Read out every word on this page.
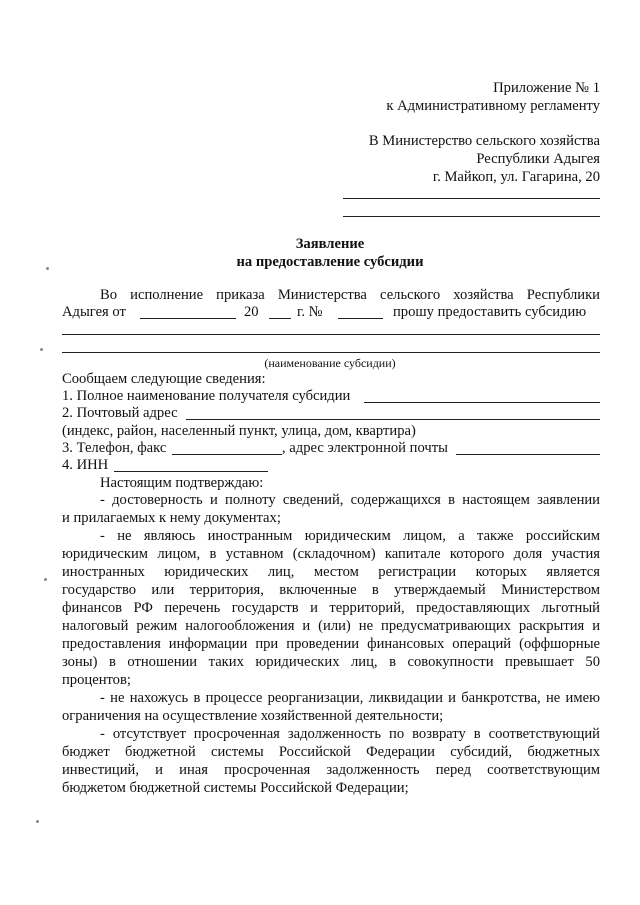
Приложение № 1
к Административному регламенту
В Министерство сельского хозяйства
Республики Адыгея
г. Майкоп, ул. Гагарина, 20
Заявление
на предоставление субсидии
Во исполнение приказа Министерства сельского хозяйства Республики
Адыгея от	20	г. №	прошу предоставить субсидию
(наименование субсидии)
Сообщаем следующие сведения:
1. Полное наименование получателя субсидии
2. Почтовый адрес
(индекс, район, населенный пункт, улица, дом, квартира)
3. Телефон, факс	, адрес электронной почты
4. ИНН
Настоящим подтверждаю:
- достоверность и полноту сведений, содержащихся в настоящем заявлении
и прилагаемых к нему документах;
- не являюсь иностранным юридическим лицом, а также российским
юридическим лицом, в уставном (складочном) капитале которого доля участия
иностранных юридических лиц, местом регистрации которых является
государство или территория, включенные в утверждаемый Министерством
финансов РФ перечень государств и территорий, предоставляющих льготный
налоговый режим налогообложения и (или) не предусматривающих раскрытия и
предоставления информации при проведении финансовых операций (оффшорные
зоны) в отношении таких юридических лиц, в совокупности превышает 50
процентов;
- не нахожусь в процессе реорганизации, ликвидации и банкротства, не имею
ограничения на осуществление хозяйственной деятельности;
- отсутствует просроченная задолженность по возврату в соответствующий
бюджет бюджетной системы Российской Федерации субсидий, бюджетных
инвестиций, и иная просроченная задолженность перед соответствующим
бюджетом бюджетной системы Российской Федерации;
